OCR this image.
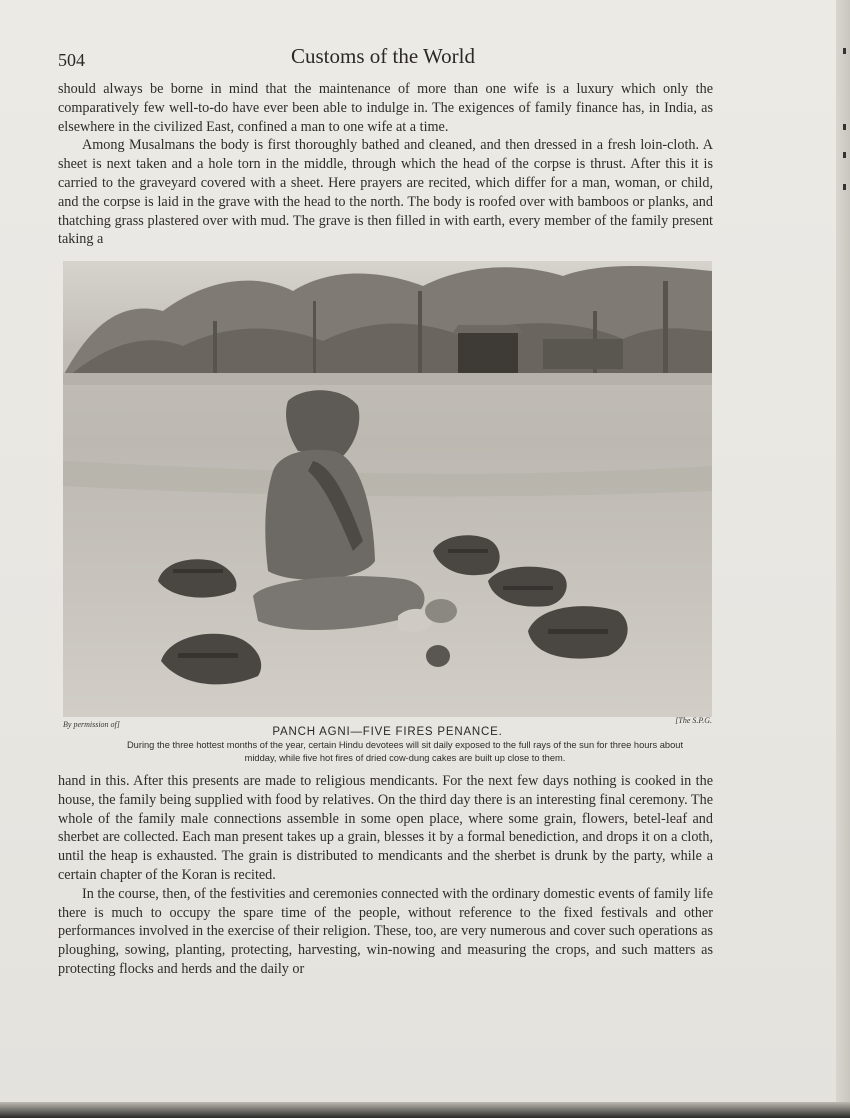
504	Customs of the World

should always be borne in mind that the maintenance of more than one wife is a luxury which only the comparatively few well-to-do have ever been able to indulge in. The exigences of family finance has, in India, as elsewhere in the civilized East, confined a man to one wife at a time.

Among Musalmans the body is first thoroughly bathed and cleaned, and then dressed in a fresh loin-cloth. A sheet is next taken and a hole torn in the middle, through which the head of the corpse is thrust. After this it is carried to the graveyard covered with a sheet. Here prayers are recited, which differ for a man, woman, or child, and the corpse is laid in the grave with the head to the north. The body is roofed over with bamboos or planks, and thatching grass plastered over with mud. The grave is then filled in with earth, every member of the family present taking a

By permission of]	[The S.P.G.
PANCH AGNI—FIVE FIRES PENANCE.
During the three hottest months of the year, certain Hindu devotees will sit daily exposed to the full rays of the sun for three hours about midday, while five hot fires of dried cow-dung cakes are built up close to them.

hand in this. After this presents are made to religious mendicants. For the next few days nothing is cooked in the house, the family being supplied with food by relatives. On the third day there is an interesting final ceremony. The whole of the family male connections assemble in some open place, where some grain, flowers, betel-leaf and sherbet are collected. Each man present takes up a grain, blesses it by a formal benediction, and drops it on a cloth, until the heap is exhausted. The grain is distributed to mendicants and the sherbet is drunk by the party, while a certain chapter of the Koran is recited.

In the course, then, of the festivities and ceremonies connected with the ordinary domestic events of family life there is much to occupy the spare time of the people, without reference to the fixed festivals and other performances involved in the exercise of their religion. These, too, are very numerous and cover such operations as ploughing, sowing, planting, protecting, harvesting, win-nowing and measuring the crops, and such matters as protecting flocks and herds and the daily or
